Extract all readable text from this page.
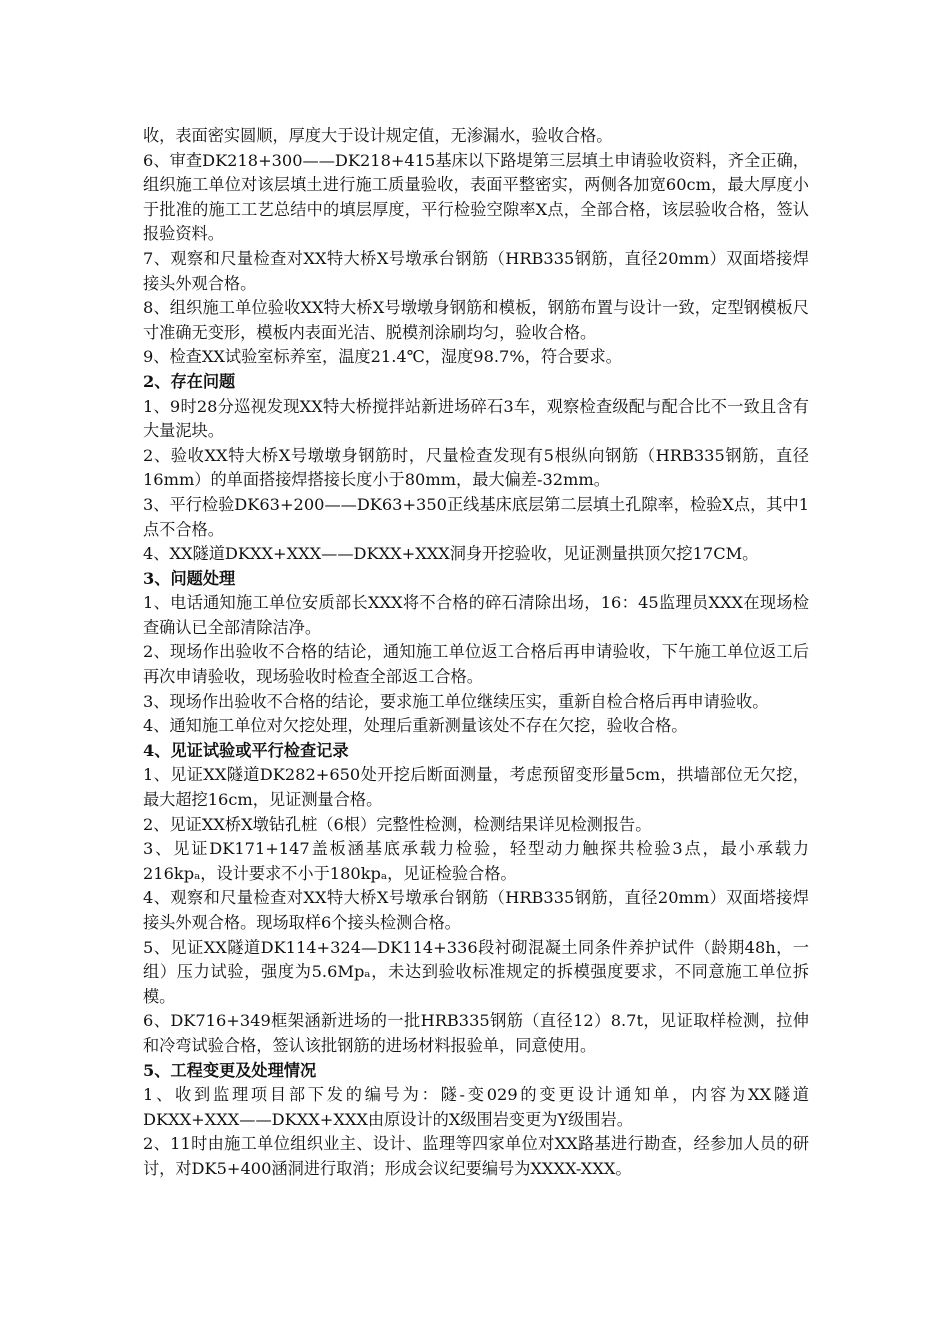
收，表面密实圆顺，厚度大于设计规定值，无渗漏水，验收合格。

6、审查DK218+300——DK218+415基床以下路堤第三层填土申请验收资料，齐全正确，组织施工单位对该层填土进行施工质量验收，表面平整密实，两侧各加宽60cm，最大厚度小于批准的施工工艺总结中的填层厚度，平行检验空隙率X点，全部合格，该层验收合格，签认报验资料。

7、观察和尺量检查对XX特大桥X号墩承台钢筋（HRB335钢筋，直径20mm）双面塔接焊接头外观合格。

8、组织施工单位验收XX特大桥X号墩墩身钢筋和模板，钢筋布置与设计一致，定型钢模板尺寸准确无变形，模板内表面光洁、脱模剂涂刷均匀，验收合格。

9、检查XX试验室标养室，温度21.4℃，湿度98.7%，符合要求。

2、存在问题

1、9时28分巡视发现XX特大桥搅拌站新进场碎石3车，观察检查级配与配合比不一致且含有大量泥块。

2、验收XX特大桥X号墩墩身钢筋时，尺量检查发现有5根纵向钢筋（HRB335钢筋，直径16mm）的单面搭接焊搭接长度小于80mm，最大偏差-32mm。

3、平行检验DK63+200——DK63+350正线基床底层第二层填土孔隙率，检验X点，其中1点不合格。

4、XX隧道DKXX+XXX——DKXX+XXX洞身开挖验收，见证测量拱顶欠挖17CM。

3、问题处理

1、电话通知施工单位安质部长XXX将不合格的碎石清除出场，16：45监理员XXX在现场检查确认已全部清除洁净。

2、现场作出验收不合格的结论，通知施工单位返工合格后再申请验收，下午施工单位返工后再次申请验收，现场验收时检查全部返工合格。

3、现场作出验收不合格的结论，要求施工单位继续压实，重新自检合格后再申请验收。

4、通知施工单位对欠挖处理，处理后重新测量该处不存在欠挖，验收合格。

4、见证试验或平行检查记录

1、见证XX隧道DK282+650处开挖后断面测量，考虑预留变形量5cm，拱墙部位无欠挖，最大超挖16cm，见证测量合格。

2、见证XX桥X墩钻孔桩（6根）完整性检测，检测结果详见检测报告。

3、见证DK171+147盖板涵基底承载力检验，轻型动力触探共检验3点，最小承载力216kpₐ，设计要求不小于180kpₐ，见证检验合格。

4、观察和尺量检查对XX特大桥X号墩承台钢筋（HRB335钢筋，直径20mm）双面塔接焊接头外观合格。现场取样6个接头检测合格。

5、见证XX隧道DK114+324—DK114+336段衬砌混凝土同条件养护试件（龄期48h，一组）压力试验，强度为5.6Mpₐ，未达到验收标准规定的拆模强度要求，不同意施工单位拆模。

6、DK716+349框架涵新进场的一批HRB335钢筋（直径12）8.7t，见证取样检测，拉伸和冷弯试验合格，签认该批钢筋的进场材料报验单，同意使用。

5、工程变更及处理情况

1、收到监理项目部下发的编号为：隧-变029的变更设计通知单，内容为XX隧道DKXX+XXX——DKXX+XXX由原设计的X级围岩变更为Y级围岩。

2、11时由施工单位组织业主、设计、监理等四家单位对XX路基进行勘查，经参加人员的研讨，对DK5+400涵洞进行取消；形成会议纪要编号为XXXX-XXX。
